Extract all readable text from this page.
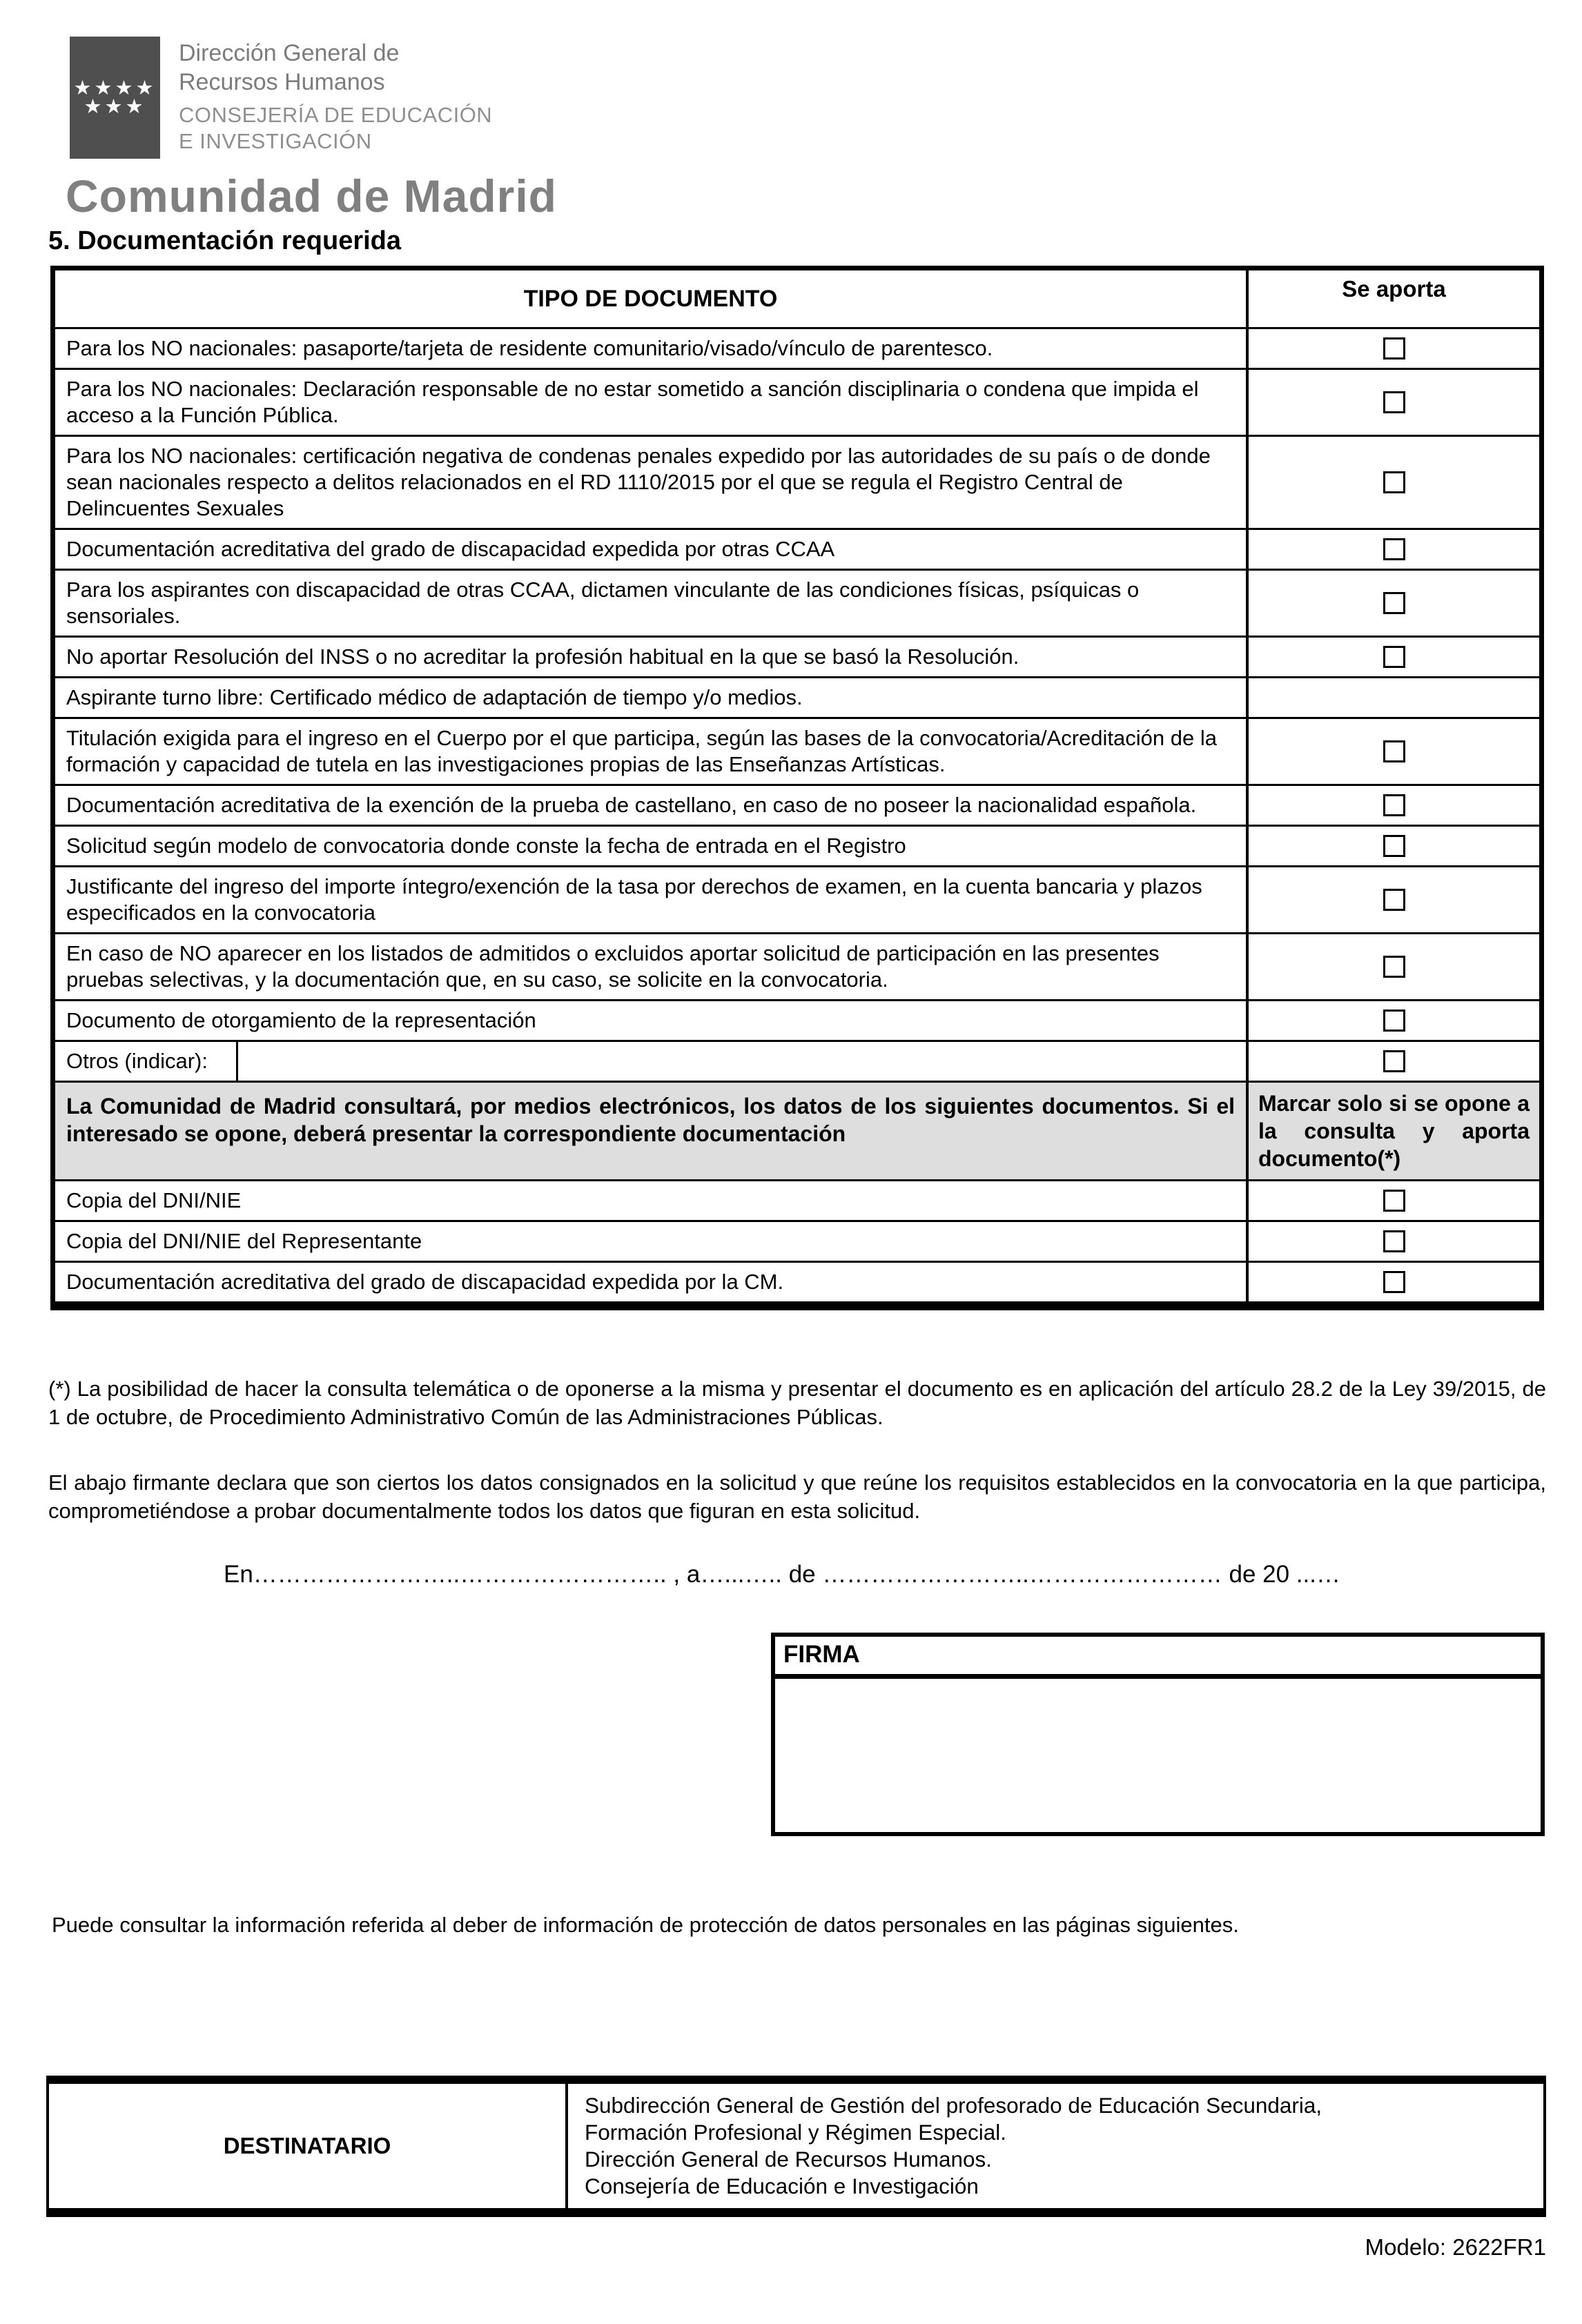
★★★★
★★★
Dirección General de
Recursos Humanos
CONSEJERÍA DE EDUCACIÓN
E INVESTIGACIÓN
Comunidad de Madrid
5. Documentación requerida
TIPO DE DOCUMENTO	Se aporta
Para los NO nacionales: pasaporte/tarjeta de residente comunitario/visado/vínculo de parentesco.
Para los NO nacionales: Declaración responsable de no estar sometido a sanción disciplinaria o condena que impida el acceso a la Función Pública.
Para los NO nacionales: certificación negativa de condenas penales expedido por las autoridades de su país o de donde sean nacionales respecto a delitos relacionados en el RD 1110/2015 por el que se regula el Registro Central de Delincuentes Sexuales
Documentación acreditativa del grado de discapacidad expedida por otras CCAA
Para los aspirantes con discapacidad de otras CCAA, dictamen vinculante de las condiciones físicas, psíquicas o sensoriales.
No aportar Resolución del INSS o no acreditar la profesión habitual en la que se basó la Resolución.
Aspirante turno libre: Certificado médico de adaptación de tiempo y/o medios.
Titulación exigida para el ingreso en el Cuerpo por el que participa, según las bases de la convocatoria/Acreditación de la formación y capacidad de tutela en las investigaciones propias de las Enseñanzas Artísticas.
Documentación acreditativa de la exención de la prueba de castellano, en caso de no poseer la nacionalidad española.
Solicitud según modelo de convocatoria donde conste la fecha de entrada en el Registro
Justificante del ingreso del importe íntegro/exención de la tasa por derechos de examen, en la cuenta bancaria y plazos especificados en la convocatoria
En caso de NO aparecer en los listados de admitidos o excluidos aportar solicitud de participación en las presentes pruebas selectivas, y la documentación que, en su caso, se solicite en la convocatoria.
Documento de otorgamiento de la representación
Otros (indicar):
La Comunidad de Madrid consultará, por medios electrónicos, los datos de los siguientes documentos. Si el interesado se opone, deberá presentar la correspondiente documentación
Marcar solo si se opone a la consulta y aporta documento(*)
Copia del DNI/NIE
Copia del DNI/NIE del Representante
Documentación acreditativa del grado de discapacidad expedida por la CM.
(*) La posibilidad de hacer la consulta telemática o de oponerse a la misma y presentar el documento es en aplicación del artículo 28.2 de la Ley 39/2015, de 1 de octubre, de Procedimiento Administrativo Común de las Administraciones Públicas.
El abajo firmante declara que son ciertos los datos consignados en la solicitud y que reúne los requisitos establecidos en la convocatoria en la que participa, comprometiéndose a probar documentalmente todos los datos que figuran en esta solicitud.
En……………………..…………………….. , a…...….. de ……………………..…………………… de 20 ...…
FIRMA
Puede consultar la información referida al deber de información de protección de datos personales en las páginas siguientes.
DESTINATARIO
Subdirección General de Gestión del profesorado de Educación Secundaria,
Formación Profesional y Régimen Especial.
Dirección General de Recursos Humanos.
Consejería de Educación e Investigación
Modelo: 2622FR1
